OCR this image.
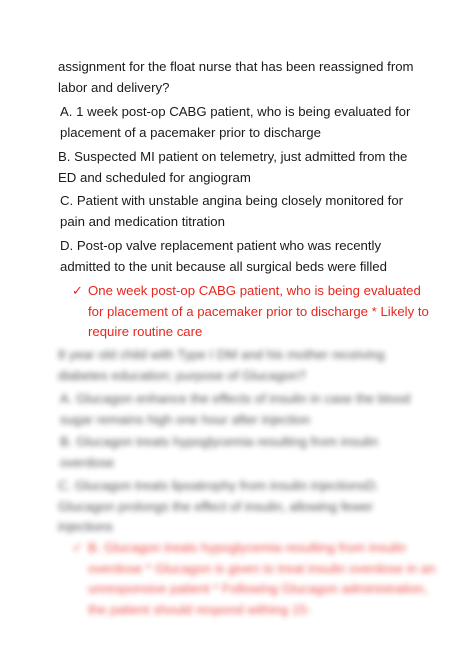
assignment for the float nurse that has been reassigned from labor and delivery?

A. 1 week post-op CABG patient, who is being evaluated for placement of a pacemaker prior to discharge

B. Suspected MI patient on telemetry, just admitted from the ED and scheduled for angiogram

C. Patient with unstable angina being closely monitored for pain and medication titration

D. Post-op valve replacement patient who was recently admitted to the unit because all surgical beds were filled

✓ One week post-op CABG patient, who is being evaluated for placement of a pacemaker prior to discharge * Likely to require routine care

8 year old child with Type I DM and his mother receiving diabetes education; purpose of Glucagon?

A. Glucagon enhance the effects of insulin in case the blood sugar remains high one hour after injection

B. Glucagon treats hypoglycemia resulting from insulin overdose

C. Glucagon treats lipoatrophy from insulin injectionsD. Glucagon prolongs the effect of insulin, allowing fewer injections

✓ B. Glucagon treats hypoglycemia resulting from insulin overdose * Glucagon is given to treat insulin overdose in an unresponsive patient * Following Glucagon administration, the patient should respond withing 15-
